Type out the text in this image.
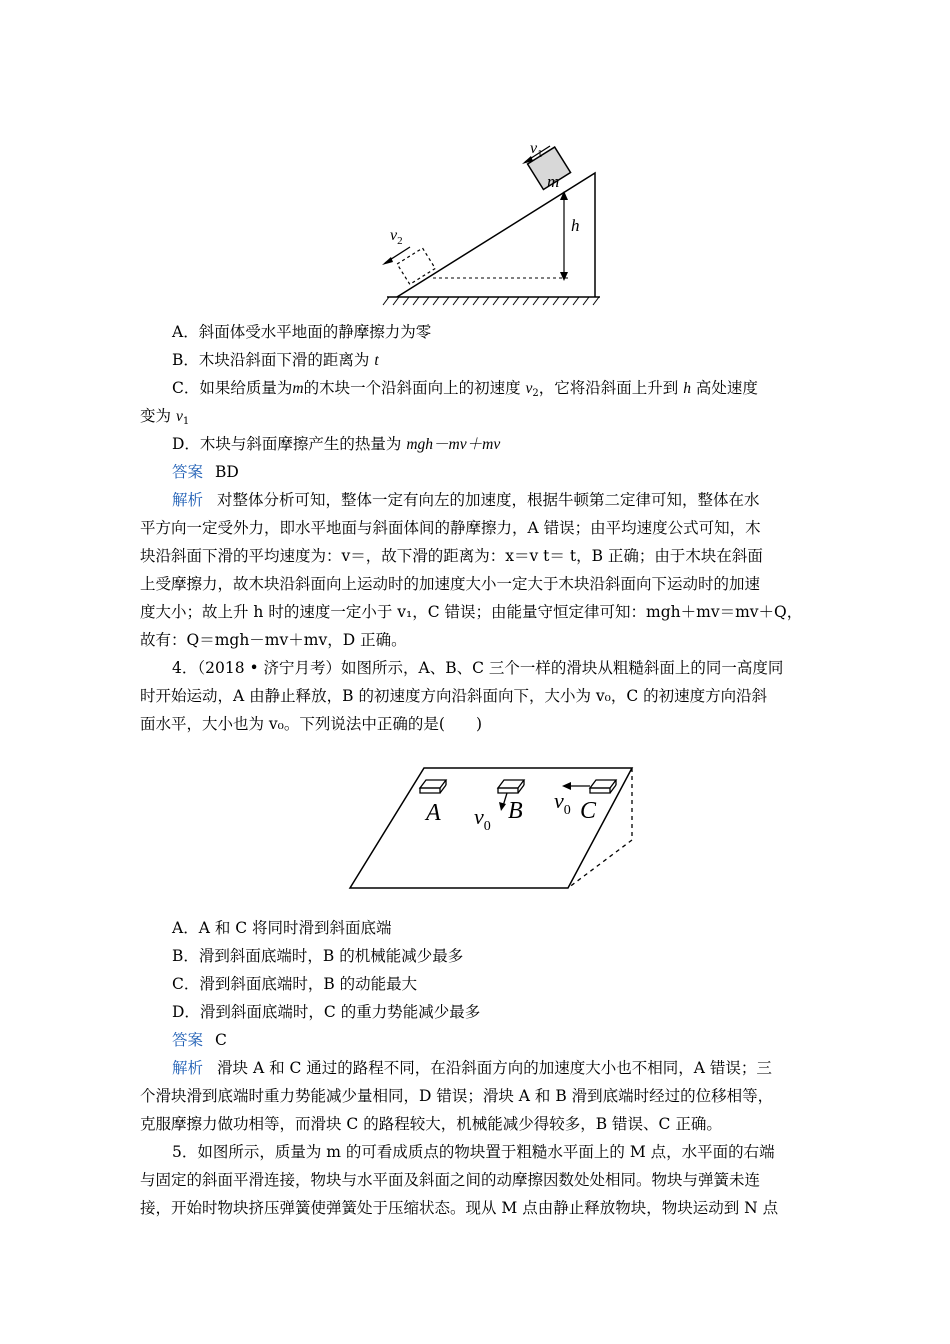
m
$v_1$
h
$v_2$
A．斜面体受水平地面的静摩擦力为零
B．木块沿斜面下滑的距离为 t
C．如果给质量为m的木块一个沿斜面向上的初速度 $v_2$，它将沿斜面上升到 h 高处速度
变为 $v_1$
D．木块与斜面摩擦产生的热量为 mgh－mv＋mv
答案 BD
解析 对整体分析可知，整体一定有向左的加速度，根据牛顿第二定律可知，整体在水
平方向一定受外力，即水平地面与斜面体间的静摩擦力，A 错误；由平均速度公式可知，木
块沿斜面下滑的平均速度为：v＝，故下滑的距离为：x＝v t＝ t，B 正确；由于木块在斜面
上受摩擦力，故木块沿斜面向上运动时的加速度大小一定大于木块沿斜面向下运动时的加速
度大小；故上升 h 时的速度一定小于 v₁，C 错误；由能量守恒定律可知：mgh＋mv＝mv＋Q，
故有：Q＝mgh－mv＋mv，D 正确。
4．（2018 • 济宁月考）如图所示，A、B、C 三个一样的滑块从粗糙斜面上的同一高度同
时开始运动，A 由静止释放，B 的初速度方向沿斜面向下，大小为 v₀，C 的初速度方向沿斜
面水平，大小也为 v₀。下列说法中正确的是(　　)
A	B
$v_0$
C
$v_0$
A．A 和 C 将同时滑到斜面底端
B．滑到斜面底端时，B 的机械能减少最多
C．滑到斜面底端时，B 的动能最大
D．滑到斜面底端时，C 的重力势能减少最多
答案 C
解析 滑块 A 和 C 通过的路程不同，在沿斜面方向的加速度大小也不相同，A 错误；三
个滑块滑到底端时重力势能减少量相同，D 错误；滑块 A 和 B 滑到底端时经过的位移相等，
克服摩擦力做功相等，而滑块 C 的路程较大，机械能减少得较多，B 错误、C 正确。
5．如图所示，质量为 m 的可看成质点的物块置于粗糙水平面上的 M 点，水平面的右端
与固定的斜面平滑连接，物块与水平面及斜面之间的动摩擦因数处处相同。物块与弹簧未连
接，开始时物块挤压弹簧使弹簧处于压缩状态。现从 M 点由静止释放物块，物块运动到 N 点
